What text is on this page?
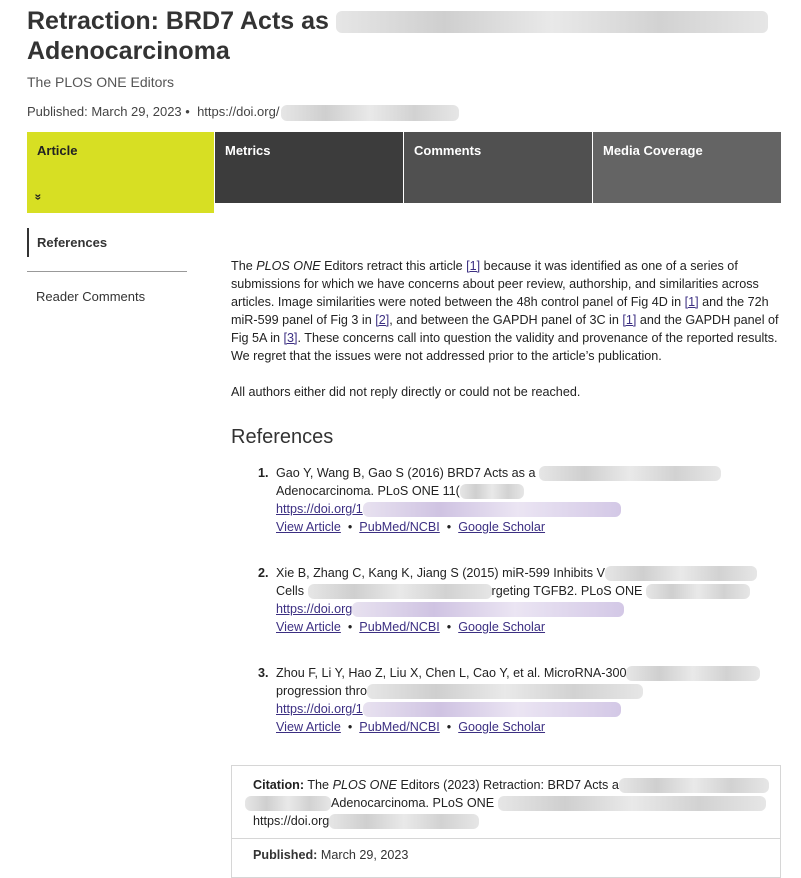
Retraction: BRD7 Acts as
Adenocarcinoma
The PLOS ONE Editors
Published: March 29, 2023 • https://doi.org/
Article
»
Metrics	Comments	Media Coverage
References
Reader Comments

The PLOS ONE Editors retract this article [1] because it was identified as one of a series of submissions for which we have concerns about peer review, authorship, and similarities across articles. Image similarities were noted between the 48h control panel of Fig 4D in [1] and the 72h miR-599 panel of Fig 3 in [2], and between the GAPDH panel of 3C in [1] and the GAPDH panel of Fig 5A in [3]. These concerns call into question the validity and provenance of the reported results. We regret that the issues were not addressed prior to the article’s publication.

All authors either did not reply directly or could not be reached.

References
1. Gao Y, Wang B, Gao S (2016) BRD7 Acts as a
Adenocarcinoma. PLoS ONE 11(
https://doi.org/1
View Article • PubMed/NCBI • Google Scholar
2. Xie B, Zhang C, Kang K, Jiang S (2015) miR-599 Inhibits V
Cells	rgeting TGFB2. PLoS ONE
https://doi.org
View Article • PubMed/NCBI • Google Scholar
3. Zhou F, Li Y, Hao Z, Liu X, Chen L, Cao Y, et al. MicroRNA-300
progression thro
https://doi.org/1
View Article • PubMed/NCBI • Google Scholar
Citation: The PLOS ONE Editors (2023) Retraction: BRD7 Acts a
Adenocarcinoma. PLoS ONE
https://doi.org
Published: March 29, 2023
